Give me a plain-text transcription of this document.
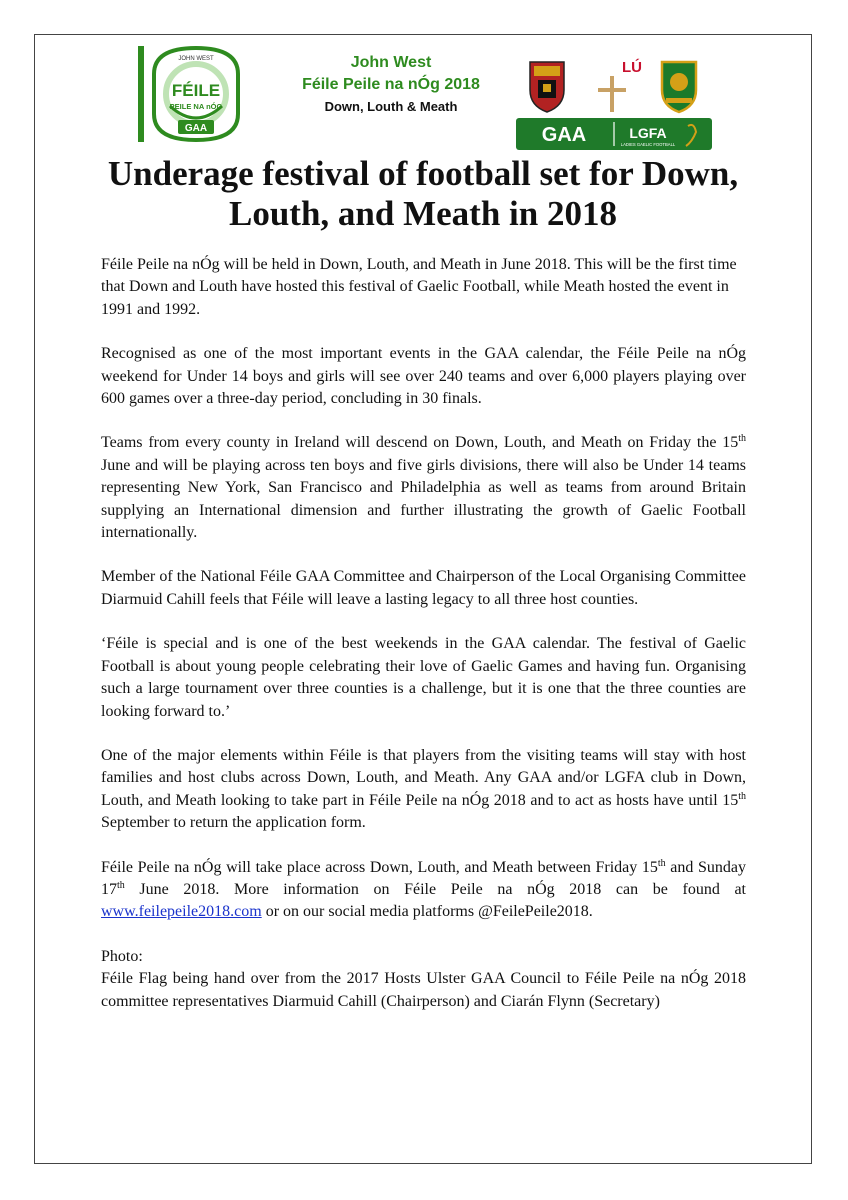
JOHN WEST
FÉILE
PEILE NA nÓG
GAA
John West
Féile Peile na nÓg 2018
Down, Louth & Meath
LÚ
GAA	LGFA
LADIES GAELIC FOOTBALL
Underage festival of football set for Down, Louth, and Meath in 2018

Féile Peile na nÓg will be held in Down, Louth, and Meath in June 2018. This will be the first time that Down and Louth have hosted this festival of Gaelic Football, while Meath hosted the event in 1991 and 1992.

Recognised as one of the most important events in the GAA calendar, the Féile Peile na nÓg weekend for Under 14 boys and girls will see over 240 teams and over 6,000 players playing over 600 games over a three-day period, concluding in 30 finals.

Teams from every county in Ireland will descend on Down, Louth, and Meath on Friday the 15th June and will be playing across ten boys and five girls divisions, there will also be Under 14 teams representing New York, San Francisco and Philadelphia as well as teams from around Britain supplying an International dimension and further illustrating the growth of Gaelic Football internationally.

Member of the National Féile GAA Committee and Chairperson of the Local Organising Committee Diarmuid Cahill feels that Féile will leave a lasting legacy to all three host counties.

‘Féile is special and is one of the best weekends in the GAA calendar. The festival of Gaelic Football is about young people celebrating their love of Gaelic Games and having fun. Organising such a large tournament over three counties is a challenge, but it is one that the three counties are looking forward to.’

One of the major elements within Féile is that players from the visiting teams will stay with host families and host clubs across Down, Louth, and Meath. Any GAA and/or LGFA club in Down, Louth, and Meath looking to take part in Féile Peile na nÓg 2018 and to act as hosts have until 15th September to return the application form.

Féile Peile na nÓg will take place across Down, Louth, and Meath between Friday 15th and Sunday 17th June 2018. More information on Féile Peile na nÓg 2018 can be found at www.feilepeile2018.com or on our social media platforms @FeilePeile2018.

Photo:
Féile Flag being hand over from the 2017 Hosts Ulster GAA Council to Féile Peile na nÓg 2018 committee representatives Diarmuid Cahill (Chairperson) and Ciarán Flynn (Secretary)
